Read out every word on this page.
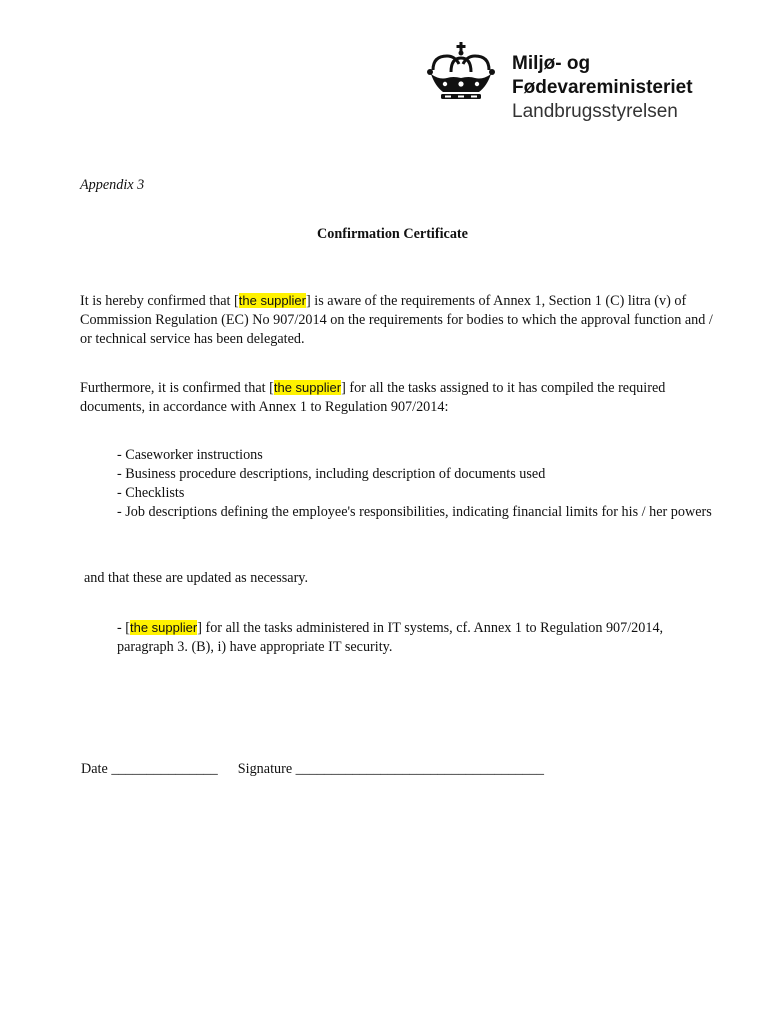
Miljø- og
Fødevareministeriet
Landbrugsstyrelsen
Appendix 3
Confirmation Certificate
It is hereby confirmed that [the supplier] is aware of the requirements of Annex 1, Section 1 (C) litra (v) of Commission Regulation (EC) No 907/2014 on the requirements for bodies to which the approval function and / or technical service has been delegated.
Furthermore, it is confirmed that [the supplier] for all the tasks assigned to it has compiled the required documents, in accordance with Annex 1 to Regulation 907/2014:
- Caseworker instructions
- Business procedure descriptions, including description of documents used
- Checklists
- Job descriptions defining the employee's responsibilities, indicating financial limits for his / her powers
and that these are updated as necessary.
- [the supplier] for all the tasks administered in IT systems, cf. Annex 1 to Regulation 907/2014, paragraph 3. (B), i) have appropriate IT security.
Date _______________ Signature ___________________________________
